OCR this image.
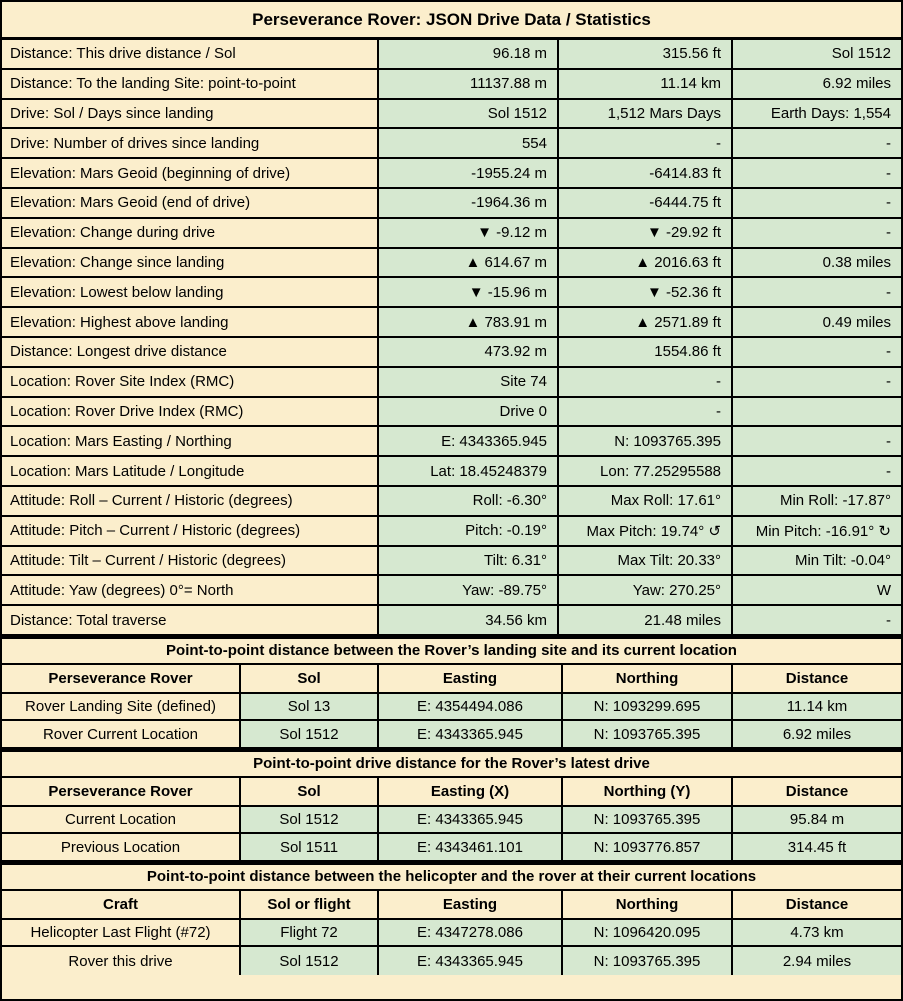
Perseverance Rover: JSON Drive Data / Statistics
Distance: This drive distance / Sol	96.18 m	315.56 ft	Sol 1512
Distance: To the landing Site: point-to-point	11137.88 m	11.14 km	6.92 miles
Drive: Sol / Days since landing	Sol 1512	1,512 Mars Days	Earth Days: 1,554
Drive: Number of drives since landing	554	-	-
Elevation: Mars Geoid (beginning of drive)	-1955.24 m	-6414.83 ft	-
Elevation: Mars Geoid (end of drive)	-1964.36 m	-6444.75 ft	-
Elevation: Change during drive	▼ -9.12 m	▼ -29.92 ft	-
Elevation: Change since landing	▲ 614.67 m	▲ 2016.63 ft	0.38 miles
Elevation: Lowest below landing	▼ -15.96 m	▼ -52.36 ft	-
Elevation: Highest above landing	▲ 783.91 m	▲ 2571.89 ft	0.49 miles
Distance: Longest drive distance	473.92 m	1554.86 ft	-
Location: Rover Site Index (RMC)	Site 74	-	-
Location: Rover Drive Index (RMC)	Drive 0	-
Location: Mars Easting / Northing	E: 4343365.945	N: 1093765.395	-
Location: Mars Latitude / Longitude	Lat: 18.45248379	Lon: 77.25295588	-
Attitude: Roll – Current / Historic (degrees)	Roll: -6.30°	Max Roll: 17.61°	Min Roll: -17.87°
Attitude: Pitch – Current / Historic (degrees)	Pitch: -0.19°	Max Pitch: 19.74° ↺	Min Pitch: -16.91° ↻
Attitude: Tilt – Current / Historic (degrees)	Tilt: 6.31°	Max Tilt: 20.33°	Min Tilt: -0.04°
Attitude: Yaw (degrees) 0°= North	Yaw: -89.75°	Yaw: 270.25°	W
Distance: Total traverse	34.56 km	21.48 miles	-
Point-to-point distance between the Rover’s landing site and its current location
Perseverance Rover	Sol	Easting	Northing	Distance
Rover Landing Site (defined)	Sol 13	E: 4354494.086	N: 1093299.695	11.14 km
Rover Current Location	Sol 1512	E: 4343365.945	N: 1093765.395	6.92 miles
Point-to-point drive distance for the Rover’s latest drive
Perseverance Rover	Sol	Easting (X)	Northing (Y)	Distance
Current Location	Sol 1512	E: 4343365.945	N: 1093765.395	95.84 m
Previous Location	Sol 1511	E: 4343461.101	N: 1093776.857	314.45 ft
Point-to-point distance between the helicopter and the rover at their current locations
Craft	Sol or flight	Easting	Northing	Distance
Helicopter Last Flight (#72)	Flight 72	E: 4347278.086	N: 1096420.095	4.73 km
Rover this drive	Sol 1512	E: 4343365.945	N: 1093765.395	2.94 miles
